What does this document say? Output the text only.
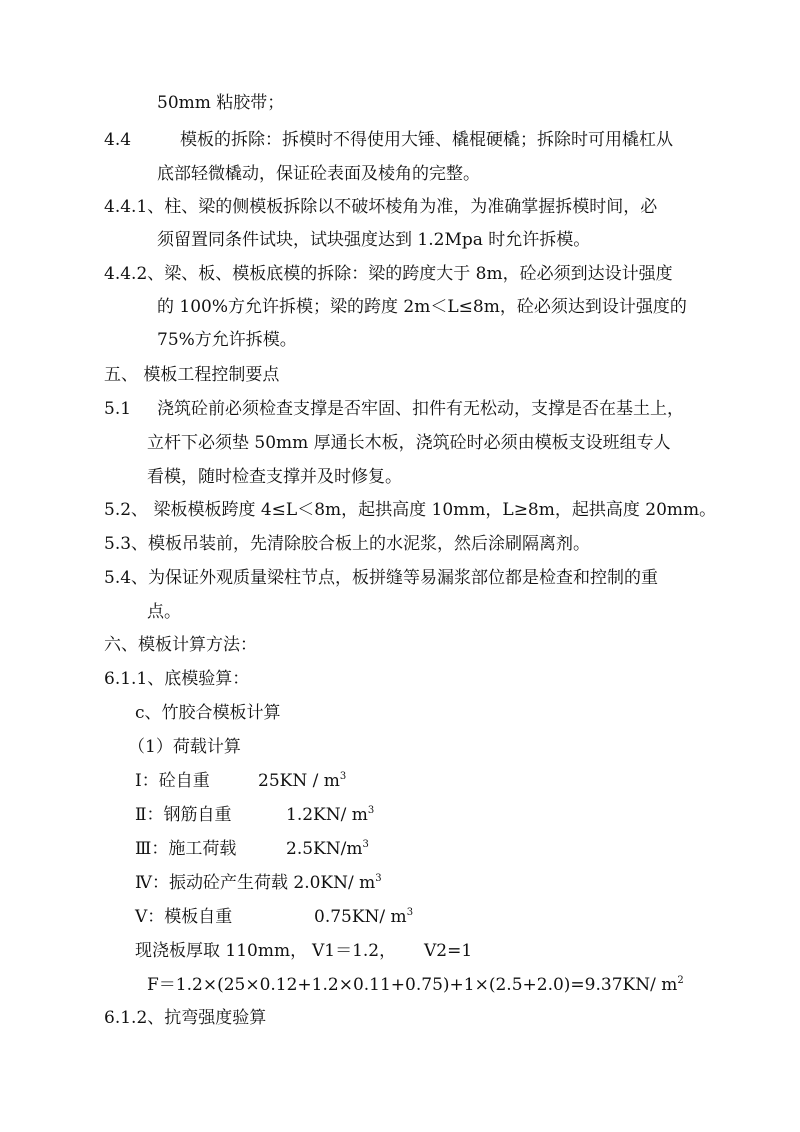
50mm 粘胶带；
4.4	模板的拆除：拆模时不得使用大锤、橇棍硬橇；拆除时可用橇杠从
底部轻微橇动，保证砼表面及棱角的完整。
4.4.1、柱、梁的侧模板拆除以不破坏棱角为准，为准确掌握拆模时间，必
须留置同条件试块，试块强度达到 1.2Mpa 时允许拆模。
4.4.2、梁、板、模板底模的拆除：梁的跨度大于 8m，砼必须到达设计强度
的 100%方允许拆模；梁的跨度 2m＜L≤8m，砼必须达到设计强度的
75%方允许拆模。
五、 模板工程控制要点
5.1 浇筑砼前必须检查支撑是否牢固、扣件有无松动，支撑是否在基土上，
立杆下必须垫 50mm 厚通长木板，浇筑砼时必须由模板支设班组专人
看模，随时检查支撑并及时修复。
5.2、 梁板模板跨度 4≤L＜8m，起拱高度 10mm，L≥8m，起拱高度 20mm。
5.3、模板吊装前，先清除胶合板上的水泥浆，然后涂刷隔离剂。
5.4、为保证外观质量梁柱节点，板拼缝等易漏浆部位都是检查和控制的重
点。
六、模板计算方法：
6.1.1、底模验算：
c、竹胶合模板计算
（1）荷载计算
Ⅰ：砼自重	$25KN / m^3$
Ⅱ：钢筋自重	1.2KN/ $m^3$
Ⅲ：施工荷载	$2.5KN/m^3$
Ⅳ：振动砼产生荷载 2.0KN/ $m^3$
Ⅴ：模板自重	0.75KN/ $m^3$
现浇板厚取 110mm， V1＝1.2， V2=1
F＝1.2×(25×0.12+1.2×0.11+0.75)+1×(2.5+2.0)=9.37KN/ $m^2$
6.1.2、抗弯强度验算
